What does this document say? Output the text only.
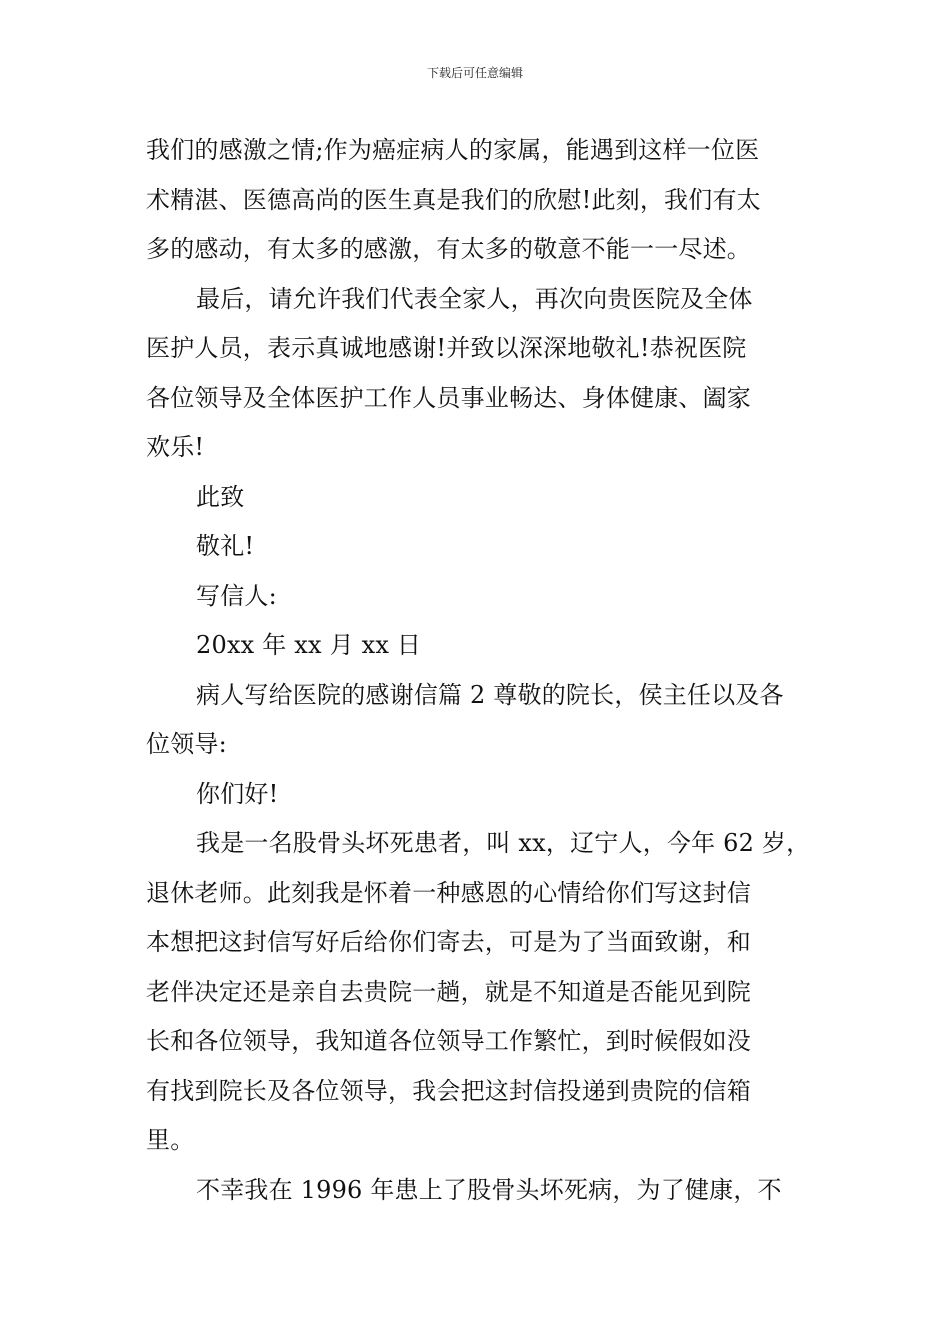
下载后可任意编辑
我们的感激之情;作为癌症病人的家属，能遇到这样一位医
术精湛、医德高尚的医生真是我们的欣慰!此刻，我们有太
多的感动，有太多的感激，有太多的敬意不能一一尽述。
最后，请允许我们代表全家人，再次向贵医院及全体
医护人员，表示真诚地感谢!并致以深深地敬礼!恭祝医院
各位领导及全体医护工作人员事业畅达、身体健康、阖家
欢乐!
此致
敬礼!
写信人:
20xx 年 xx 月 xx 日
病人写给医院的感谢信篇 2 尊敬的院长，侯主任以及各
位领导:
你们好!
我是一名股骨头坏死患者，叫 xx，辽宁人，今年 62 岁，
退休老师。此刻我是怀着一种感恩的心情给你们写这封信
本想把这封信写好后给你们寄去，可是为了当面致谢，和
老伴决定还是亲自去贵院一趟，就是不知道是否能见到院
长和各位领导，我知道各位领导工作繁忙，到时候假如没
有找到院长及各位领导，我会把这封信投递到贵院的信箱
里。
不幸我在 1996 年患上了股骨头坏死病，为了健康，不
